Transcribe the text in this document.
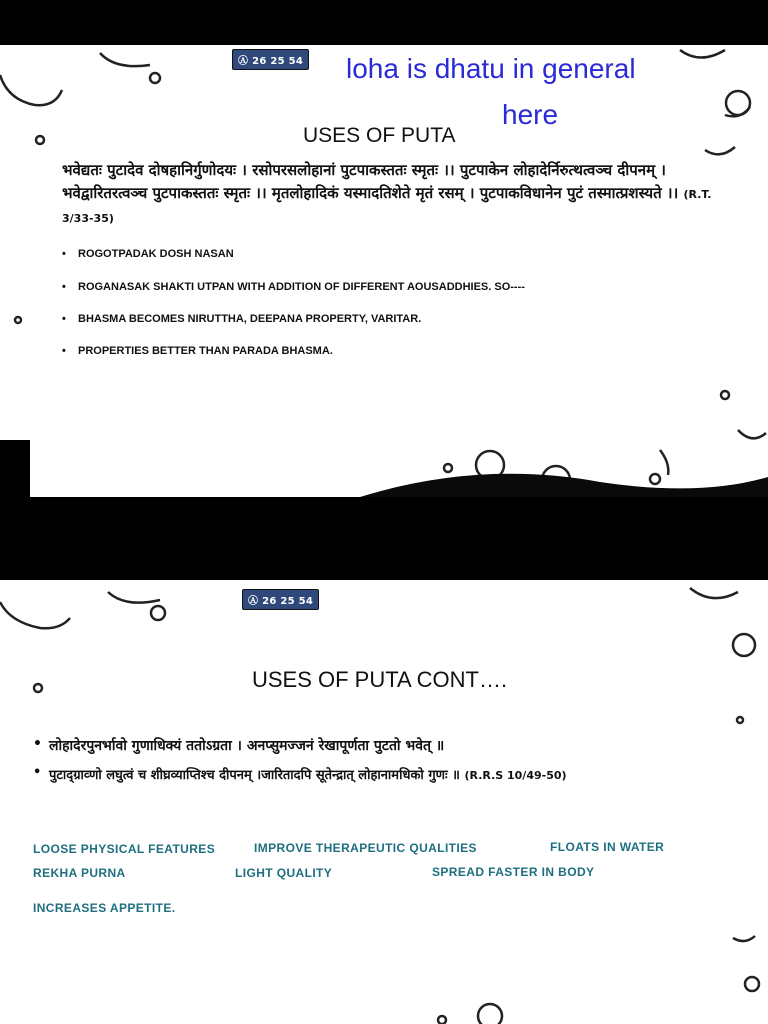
Ⓐ 26 25 54 loha is dhatu in general
here
USES OF PUTA
भवेद्यतः पुटादेव दोषहानिर्गुणोदयः । रसोपरसलोहानां पुटपाकस्ततः स्मृतः ।। पुटपाकेन लोहादेर्निरुत्थत्वञ्च दीपनम् । भवेद्वारितरत्वञ्च पुटपाकस्ततः स्मृतः ।। मृतलोहादिकं यस्मादतिशेते मृतं रसम् । पुटपाकविधानेन पुटं तस्मात्प्रशस्यते ।। (R.T. 3/33-35)
• ROGOTPADAK DOSH NASAN
• ROGANASAK SHAKTI UTPAN WITH ADDITION OF DIFFERENT AOUSADDHIES. SO----
• BHASMA BECOMES NIRUTTHA, DEEPANA PROPERTY, VARITAR.
• PROPERTIES BETTER THAN PARADA BHASMA.
Ⓐ 26 25 54
USES OF PUTA CONT….
• लोहादेरपुनर्भावो गुणाधिक्यं ततोऽग्रता । अनप्सुमज्जनं रेखापूर्णता पुटतो भवेत् ॥
• पुटाद्ग्राव्णो लघुत्वं च शीघ्रव्याप्तिश्च दीपनम् ।जारितादपि सूतेन्द्रात् लोहानामधिको गुणः ॥ (R.R.S 10/49-50)
LOOSE PHYSICAL FEATURES	IMPROVE THERAPEUTIC QUALITIES	FLOATS IN WATER
REKHA PURNA	LIGHT QUALITY	SPREAD FASTER IN BODY
INCREASES APPETITE.
